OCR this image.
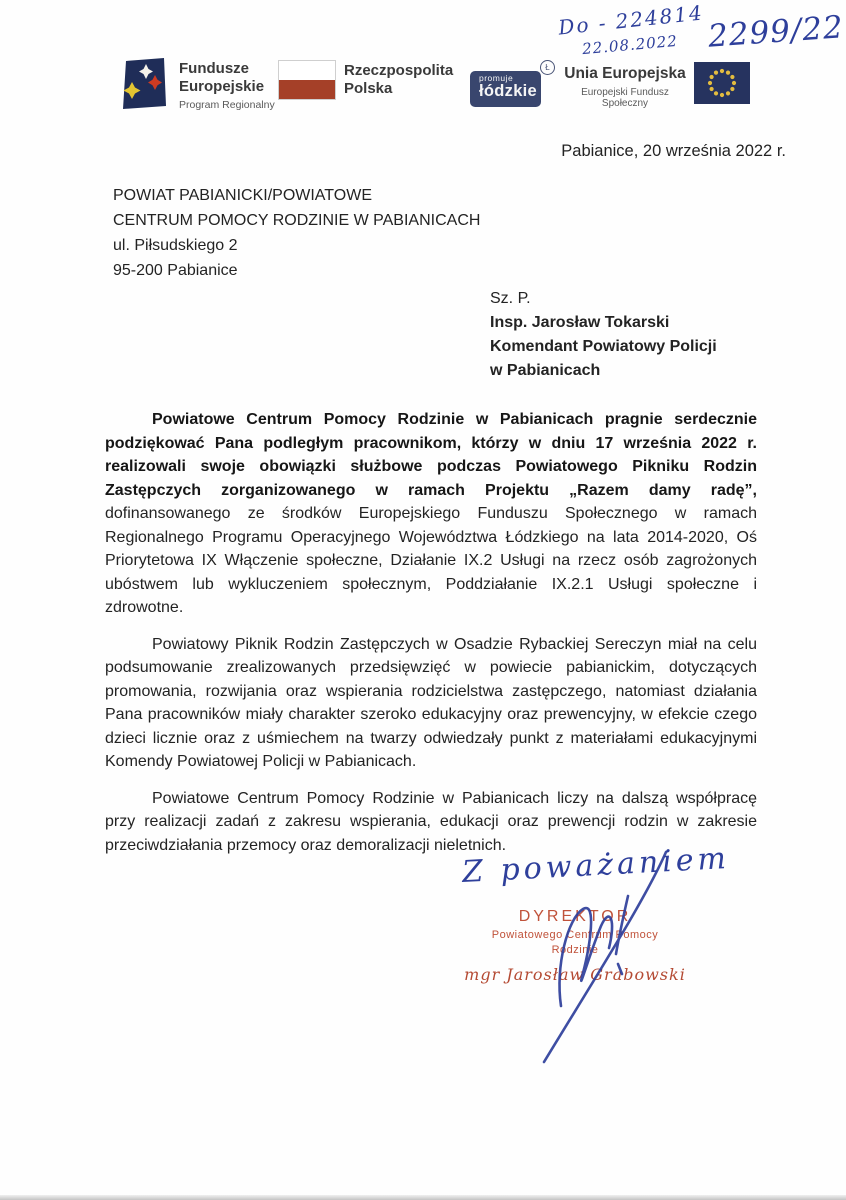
Do - 224814
22.08.2022 2299/22
Fundusze
Europejskie
Program Regionalny
Rzeczpospolita
Polska
promuje
łódzkie
Ł Unia Europejska
Europejski Fundusz Społeczny
Pabianice, 20 września 2022 r.
POWIAT PABIANICKI/POWIATOWE
CENTRUM POMOCY RODZINIE W PABIANICACH
ul. Piłsudskiego 2
95-200 Pabianice
Sz. P.
Insp. Jarosław Tokarski
Komendant Powiatowy Policji
w Pabianicach

Powiatowe Centrum Pomocy Rodzinie w Pabianicach pragnie serdecznie podziękować Pana podległym pracownikom, którzy w dniu 17 września 2022 r. realizowali swoje obowiązki służbowe podczas Powiatowego Pikniku Rodzin Zastępczych zorganizowanego w ramach Projektu „Razem damy radę”, dofinansowanego ze środków Europejskiego Funduszu Społecznego w ramach Regionalnego Programu Operacyjnego Województwa Łódzkiego na lata 2014-2020, Oś Priorytetowa IX Włączenie społeczne, Działanie IX.2 Usługi na rzecz osób zagrożonych ubóstwem lub wykluczeniem społecznym, Poddziałanie IX.2.1 Usługi społeczne i zdrowotne.

Powiatowy Piknik Rodzin Zastępczych w Osadzie Rybackiej Sereczyn miał na celu podsumowanie zrealizowanych przedsięwzięć w powiecie pabianickim, dotyczących promowania, rozwijania oraz wspierania rodzicielstwa zastępczego, natomiast działania Pana pracowników miały charakter szeroko edukacyjny oraz prewencyjny, w efekcie czego dzieci licznie oraz z uśmiechem na twarzy odwiedzały punkt z materiałami edukacyjnymi Komendy Powiatowej Policji w Pabianicach.

Powiatowe Centrum Pomocy Rodzinie w Pabianicach liczy na dalszą współpracę przy realizacji zadań z zakresu wspierania, edukacji oraz prewencji rodzin w zakresie przeciwdziałania przemocy oraz demoralizacji nieletnich.

Z poważaniem
DYREKTOR
Powiatowego Centrum Pomocy
Rodzinie
mgr Jarosław Grabowski
